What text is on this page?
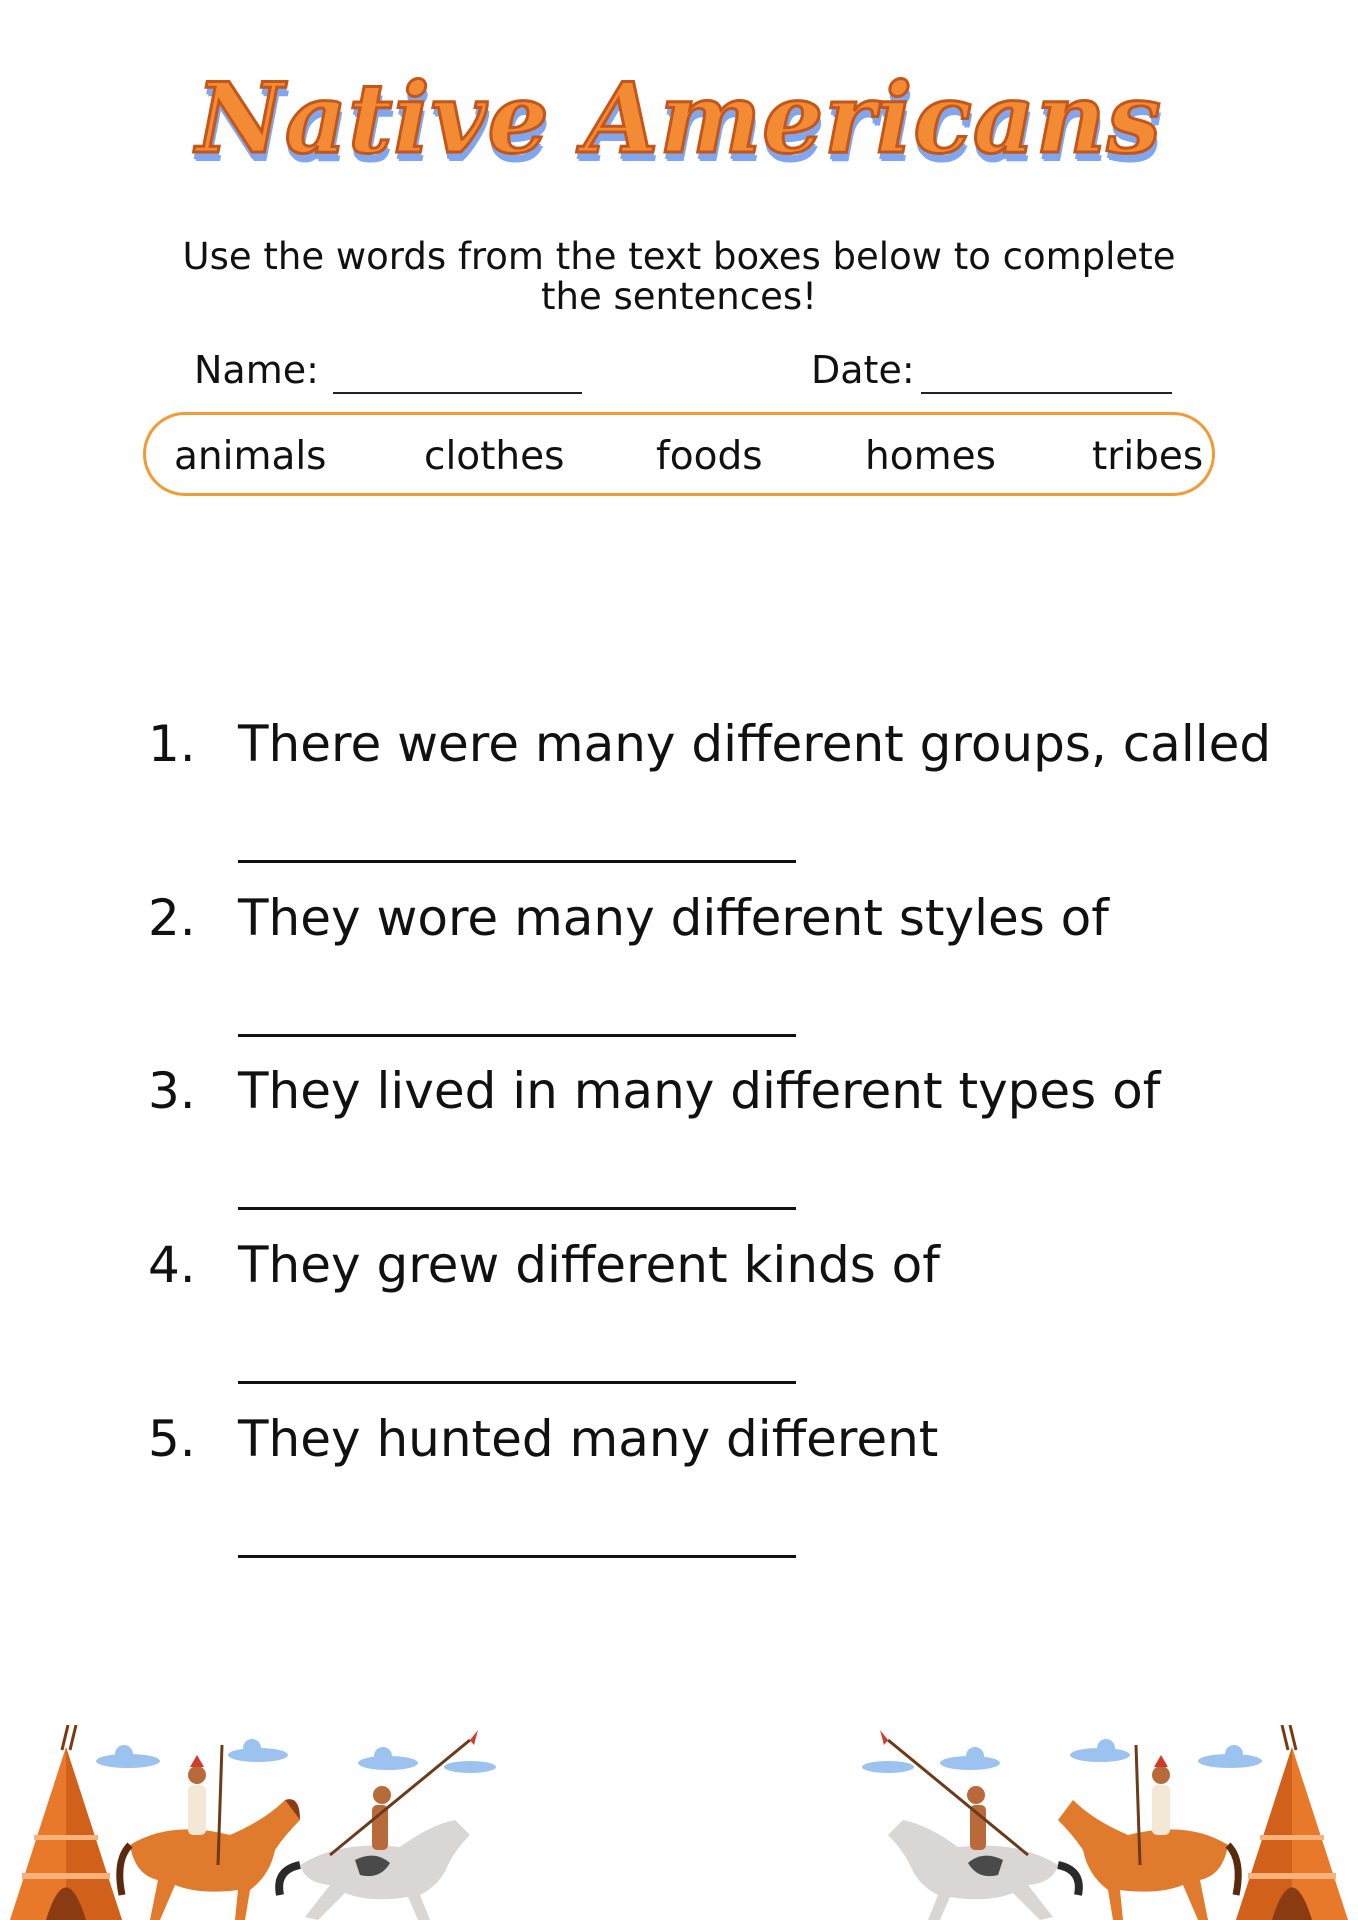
Native Americans
Use the words from the text boxes below to complete the sentences!
Name:	Date:
animals	clothes foods	homes tribes
1. There were many different groups, called
2. They wore many different styles of
3. They lived in many different types of
4. They grew different kinds of
5. They hunted many different
